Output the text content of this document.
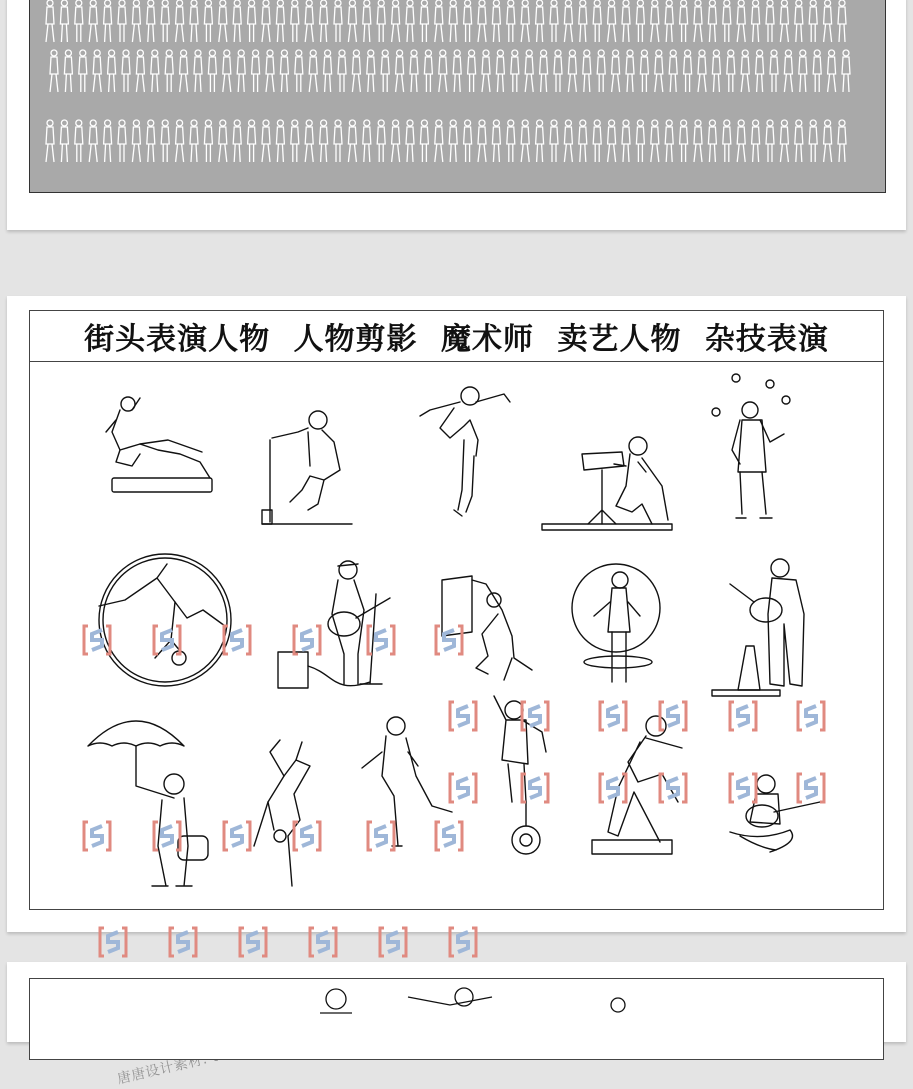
街头表演人物 人物剪影 魔术师 卖艺人物 杂技表演
